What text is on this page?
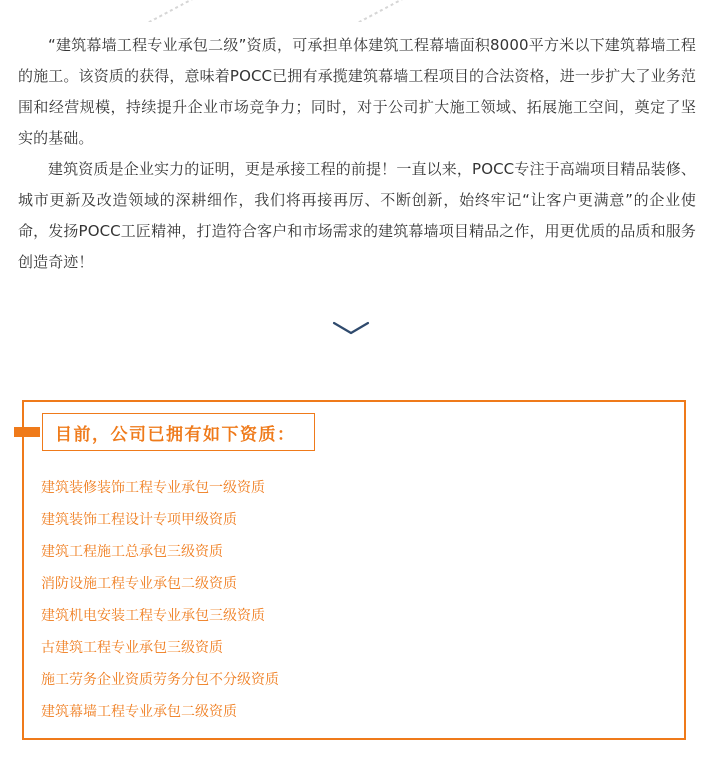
“建筑幕墙工程专业承包二级”资质，可承担单体建筑工程幕墙面积8000平方米以下建筑幕墙工程的施工。该资质的获得，意味着POCC已拥有承揽建筑幕墙工程项目的合法资格，进一步扩大了业务范围和经营规模，持续提升企业市场竞争力；同时，对于公司扩大施工领域、拓展施工空间，奠定了坚实的基础。

建筑资质是企业实力的证明，更是承接工程的前提！一直以来，POCC专注于高端项目精品装修、城市更新及改造领域的深耕细作，我们将再接再厉、不断创新，始终牢记“让客户更满意”的企业使命，发扬POCC工匠精神，打造符合客户和市场需求的建筑幕墙项目精品之作，用更优质的品质和服务创造奇迹！

目前，公司已拥有如下资质：
建筑装修装饰工程专业承包一级资质
建筑装饰工程设计专项甲级资质
建筑工程施工总承包三级资质
消防设施工程专业承包二级资质
建筑机电安装工程专业承包三级资质
古建筑工程专业承包三级资质
施工劳务企业资质劳务分包不分级资质
建筑幕墙工程专业承包二级资质
